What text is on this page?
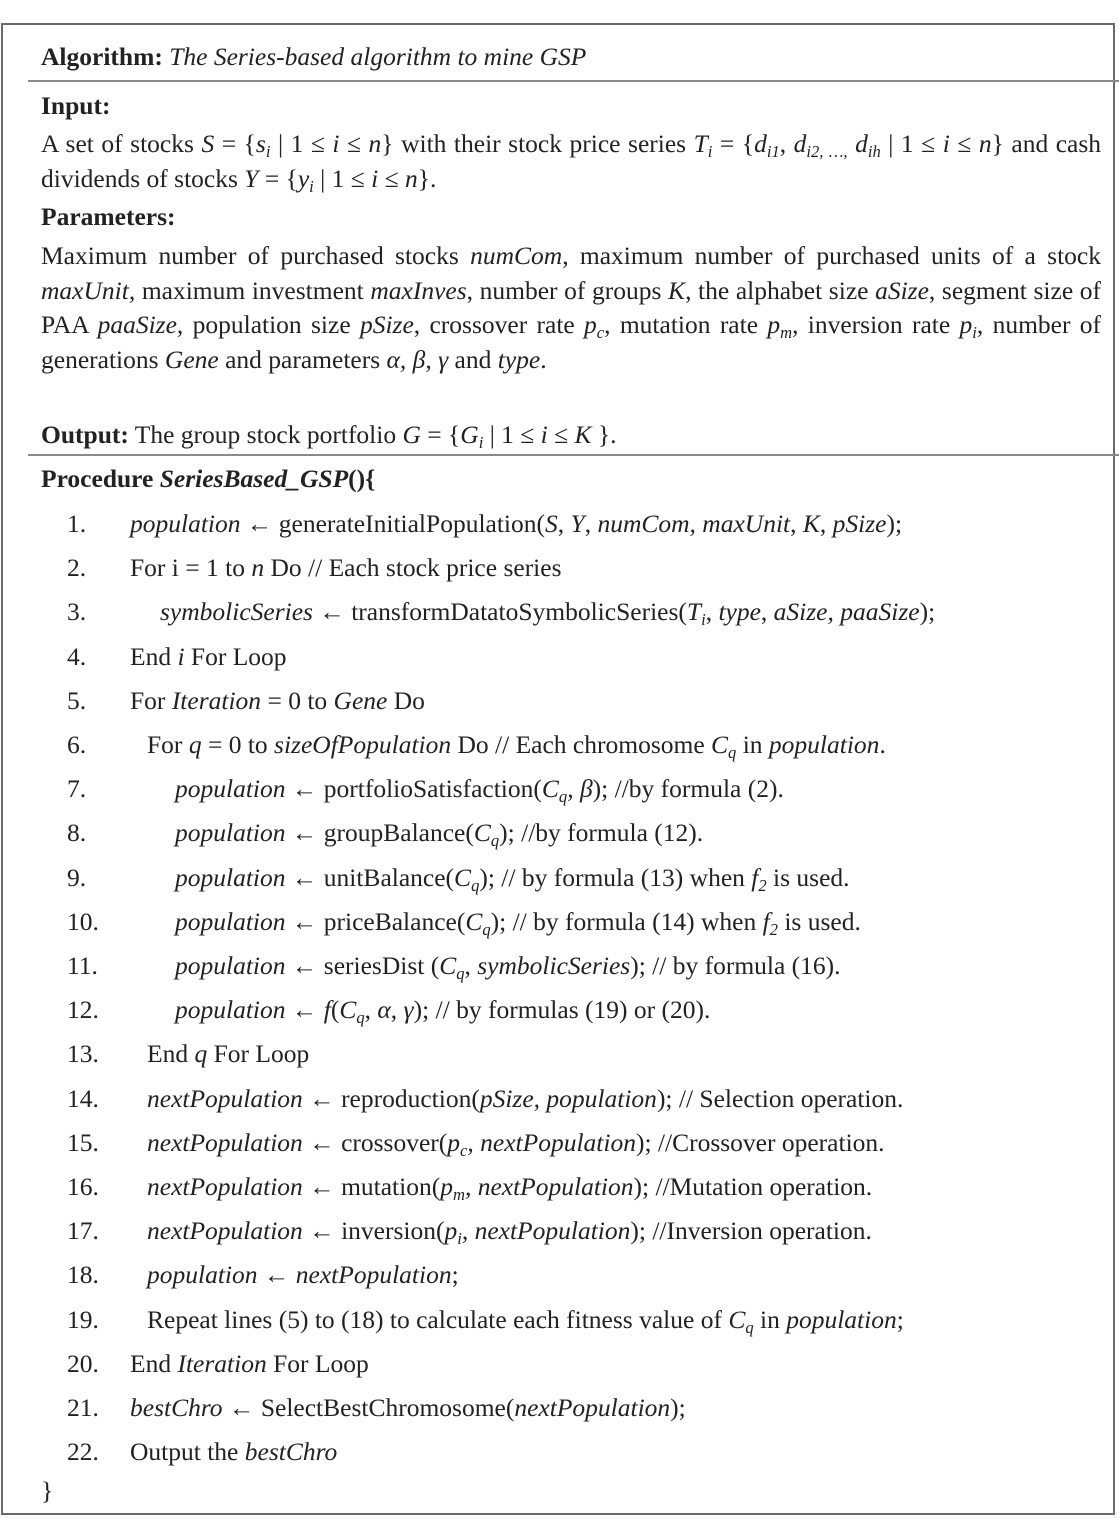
Algorithm: The Series-based algorithm to mine GSP
Input:
A set of stocks $S = \{s_i$ | 1 ≤ i ≤ n} with their stock price series $T_i = \{d_{i1}$, $d_{i2, \dots,}$ $d_{ih}$ | 1 ≤ i ≤ n} and cash dividends of stocks $Y = \{y_i$ | 1 ≤ i ≤ n}.
Parameters:
Maximum number of purchased stocks numCom, maximum number of purchased units of a stock maxUnit, maximum investment maxInves, number of groups K, the alphabet size aSize, segment size of PAA paaSize, population size pSize, crossover rate $p_c$, mutation rate $p_m$, inversion rate $p_i$, number of generations Gene and parameters α, β, γ and type.
Output: The group stock portfolio $G = \{G_i$ | 1 ≤ i ≤ K }.
Procedure SeriesBased_GSP(){
1.	population ← generateInitialPopulation(S, Y, numCom, maxUnit, K, pSize);
2.	For i = 1 to n Do // Each stock price series
3.	symbolicSeries ← $transformDatatoSymbolicSeries(T_i$, type, aSize, paaSize);
4.	End i For Loop
5.	For Iteration = 0 to Gene Do
6.	For q = 0 to sizeOfPopulation Do // Each chromosome $C_q$ in population.
7.	population ← $portfolioSatisfaction(C_q$, β); //by formula (2).
8.	population ← $groupBalance(C_q)$; //by formula (12).
9.	population ← $unitBalance(C_q)$; // by formula (13) when $f_2$ is used.
10.	population ← $priceBalance(C_q)$; // by formula (14) when $f_2$ is used.
11.	population ← seriesDist ($C_q$, symbolicSeries); // by formula (16).
12.	population ← $f(C_q$, α, γ); // by formulas (19) or (20).
13.	End q For Loop
14.	nextPopulation ← reproduction(pSize, population); // Selection operation.
15.	nextPopulation ← $crossover(p_c$, nextPopulation); //Crossover operation.
16.	nextPopulation ← $mutation(p_m$, nextPopulation); //Mutation operation.
17.	nextPopulation ← $inversion(p_i$, nextPopulation); //Inversion operation.
18.	population ← nextPopulation;
19.	Repeat lines (5) to (18) to calculate each fitness value of $C_q$ in population;
20.	End Iteration For Loop
21.	bestChro ← SelectBestChromosome(nextPopulation);
22.	Output the bestChro
}
